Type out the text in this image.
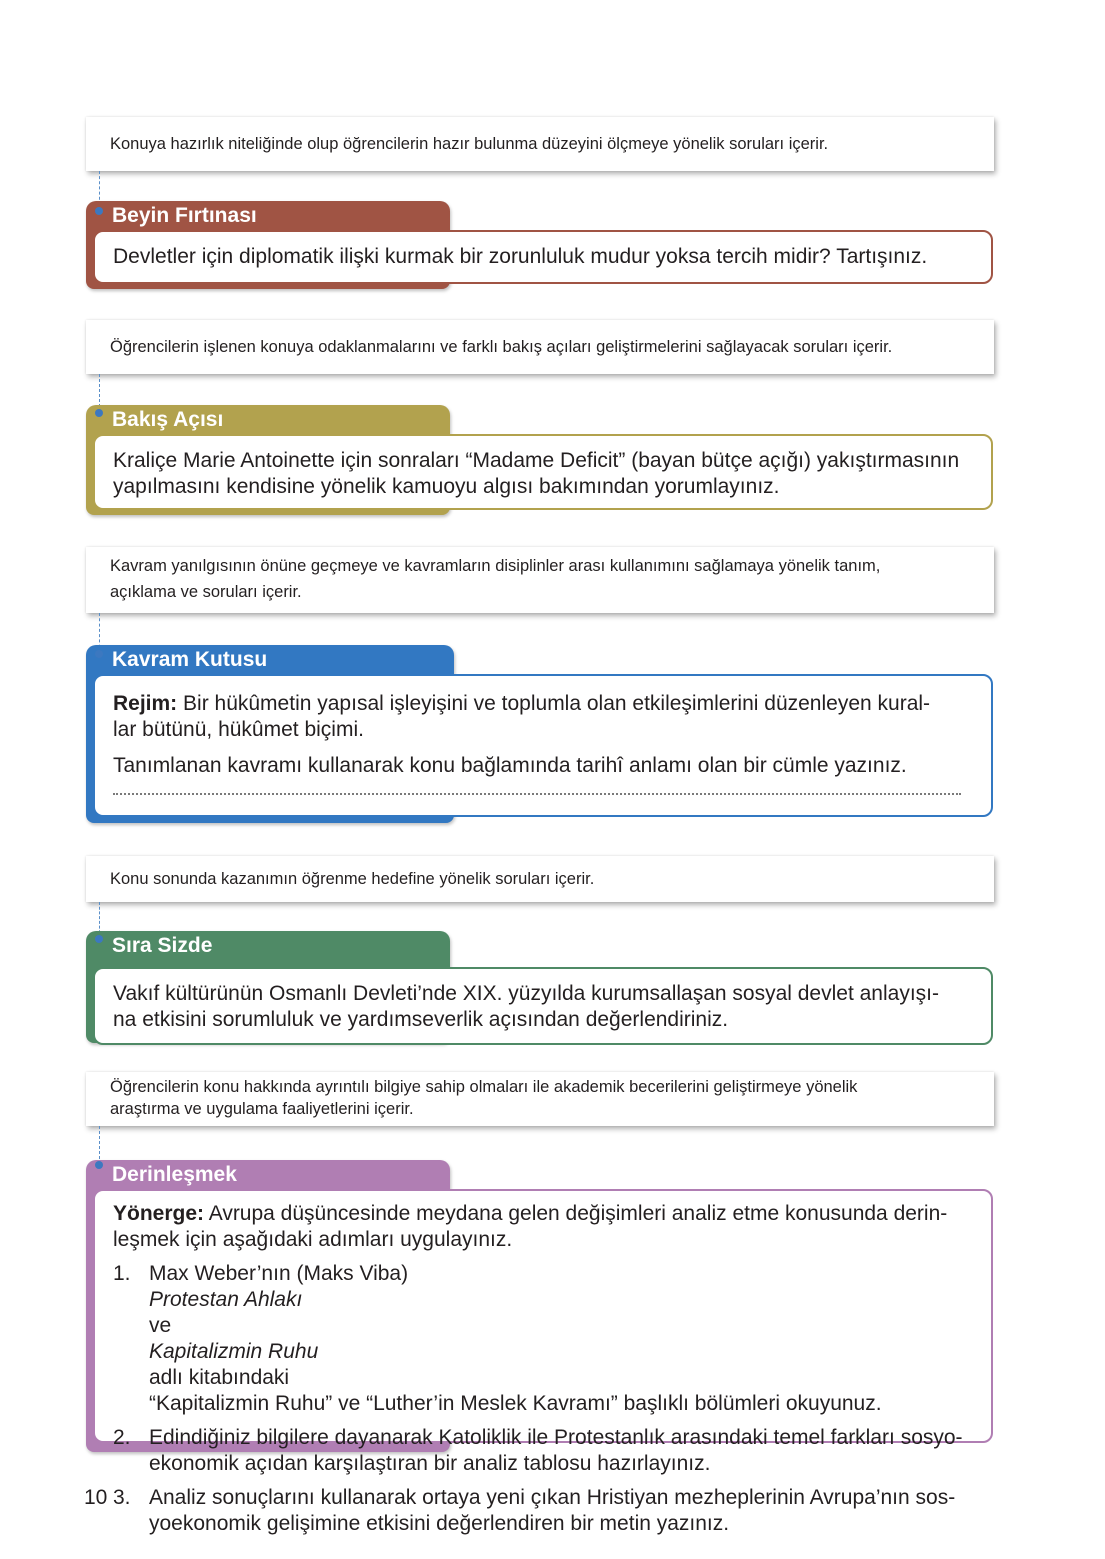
Konuya hazırlık niteliğinde olup öğrencilerin hazır bulunma düzeyini ölçmeye yönelik soruları içerir.
Beyin Fırtınası
Devletler için diplomatik ilişki kurmak bir zorunluluk mudur yoksa tercih midir? Tartışınız.
Öğrencilerin işlenen konuya odaklanmalarını ve farklı bakış açıları geliştirmelerini sağlayacak soruları içerir.
Bakış Açısı
Kraliçe Marie Antoinette için sonraları “Madame Deficit” (bayan bütçe açığı) yakıştırmasının
yapılmasını kendisine yönelik kamuoyu algısı bakımından yorumlayınız.
Kavram yanılgısının önüne geçmeye ve kavramların disiplinler arası kullanımını sağlamaya yönelik tanım,
açıklama ve soruları içerir.
Kavram Kutusu
Rejim: Bir hükûmetin yapısal işleyişini ve toplumla olan etkileşimlerini düzenleyen kural-
lar bütünü, hükûmet biçimi.
Tanımlanan kavramı kullanarak konu bağlamında tarihî anlamı olan bir cümle yazınız.
Konu sonunda kazanımın öğrenme hedefine yönelik soruları içerir.
Sıra Sizde
Vakıf kültürünün Osmanlı Devleti’nde XIX. yüzyılda kurumsallaşan sosyal devlet anlayışı-
na etkisini sorumluluk ve yardımseverlik açısından değerlendiriniz.
Öğrencilerin konu hakkında ayrıntılı bilgiye sahip olmaları ile akademik becerilerini geliştirmeye yönelik
araştırma ve uygulama faaliyetlerini içerir.
Derinleşmek
Yönerge: Avrupa düşüncesinde meydana gelen değişimleri analiz etme konusunda derin-
leşmek için aşağıdaki adımları uygulayınız.
1. Max Weber’nın (Maks Viba)
Protestan Ahlakı
ve
Kapitalizmin Ruhu
adlı kitabındaki
“Kapitalizmin Ruhu” ve “Luther’in Meslek Kavramı” başlıklı bölümleri okuyunuz.
2. Edindiğiniz bilgilere dayanarak Katoliklik ile Protestanlık arasındaki temel farkları sosyo-
ekonomik açıdan karşılaştıran bir analiz tablosu hazırlayınız.
3. Analiz sonuçlarını kullanarak ortaya yeni çıkan Hristiyan mezheplerinin Avrupa’nın sos-
yoekonomik gelişimine etkisini değerlendiren bir metin yazınız.
10
